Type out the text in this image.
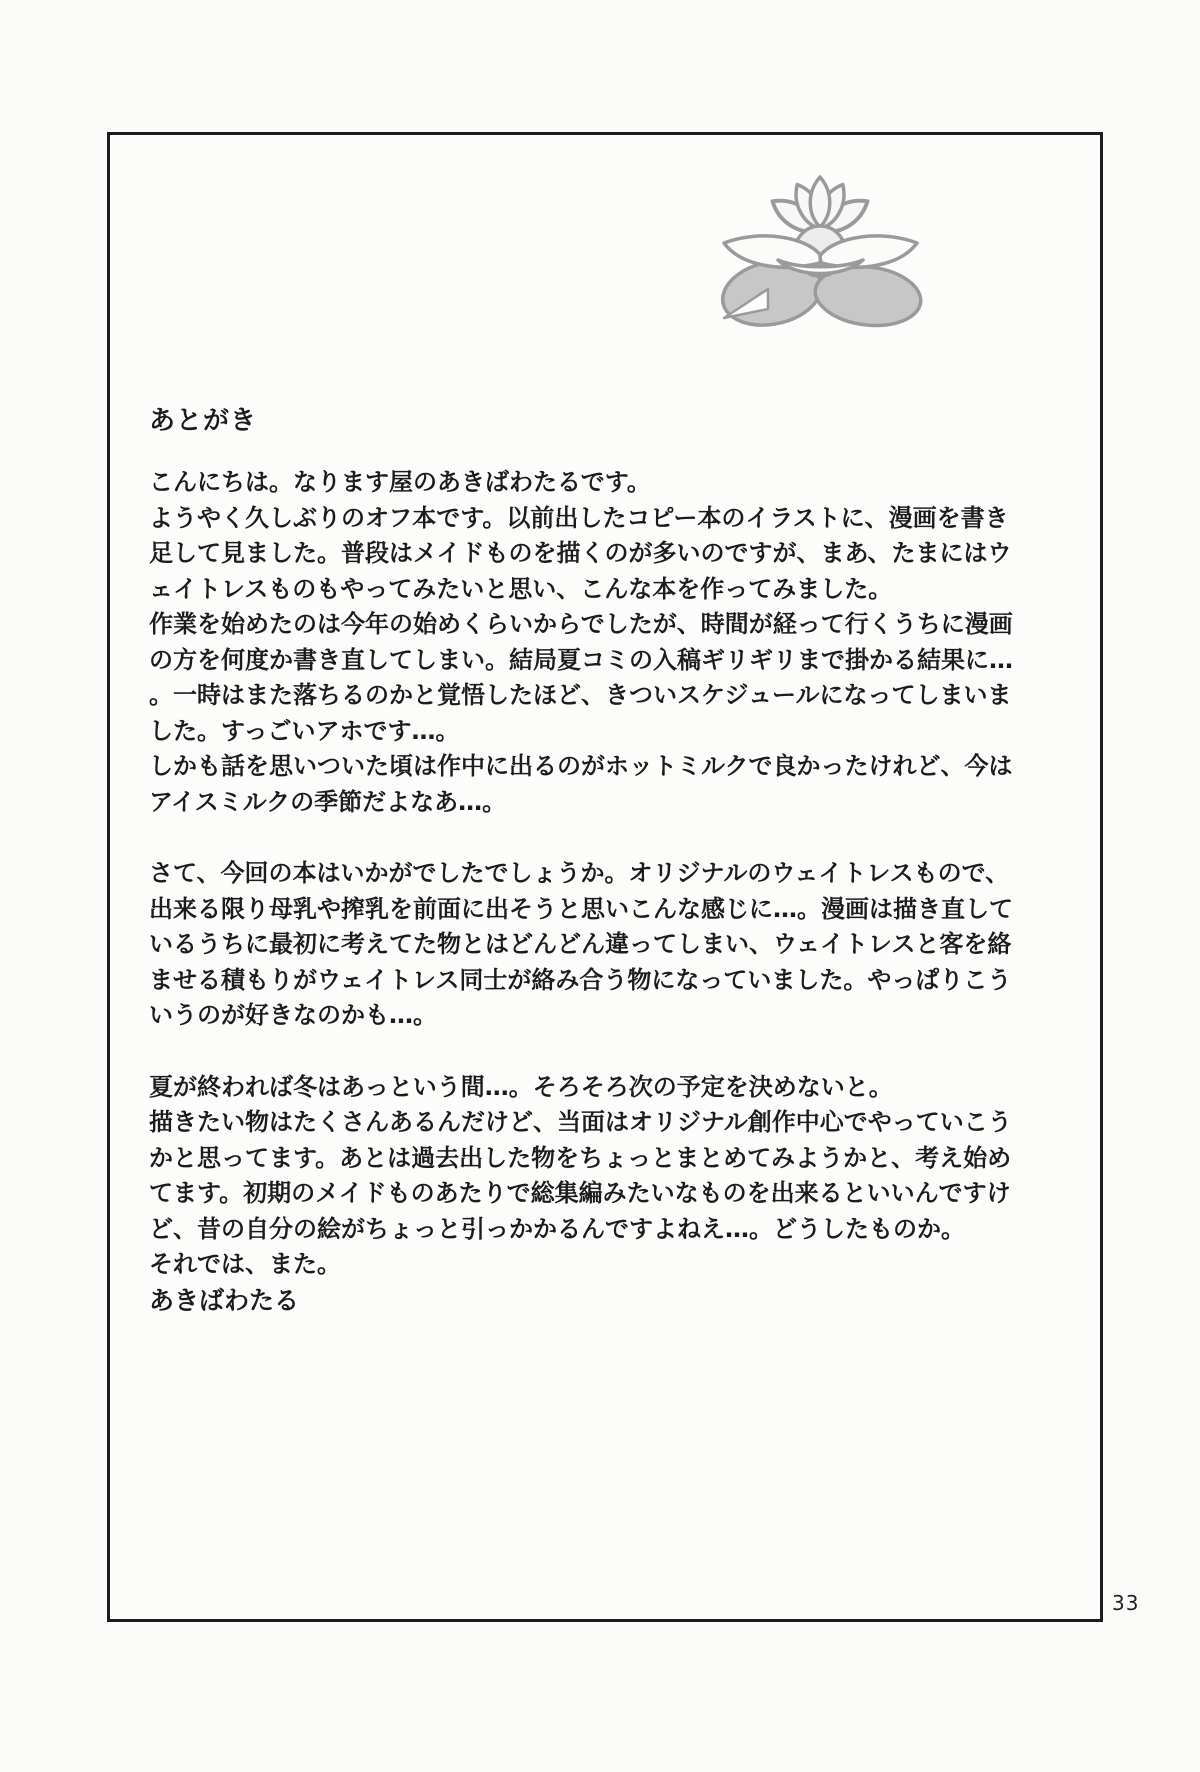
あとがき

こんにちは。なります屋のあきばわたるです。

ようやく久しぶりのオフ本です。以前出したコピー本のイラストに、漫画を書き足して見ました。普段はメイドものを描くのが多いのですが、まあ、たまにはウェイトレスものもやってみたいと思い、こんな本を作ってみました。

作業を始めたのは今年の始めくらいからでしたが、時間が経って行くうちに漫画の方を何度か書き直してしまい。結局夏コミの入稿ギリギリまで掛かる結果に…。一時はまた落ちるのかと覚悟したほど、きついスケジュールになってしまいました。すっごいアホです…。

しかも話を思いついた頃は作中に出るのがホットミルクで良かったけれど、今はアイスミルクの季節だよなあ…。

さて、今回の本はいかがでしたでしょうか。オリジナルのウェイトレスもので、出来る限り母乳や搾乳を前面に出そうと思いこんな感じに…。漫画は描き直しているうちに最初に考えてた物とはどんどん違ってしまい、ウェイトレスと客を絡ませる積もりがウェイトレス同士が絡み合う物になっていました。やっぱりこういうのが好きなのかも…。

夏が終われば冬はあっという間…。そろそろ次の予定を決めないと。

描きたい物はたくさんあるんだけど、当面はオリジナル創作中心でやっていこうかと思ってます。あとは過去出した物をちょっとまとめてみようかと、考え始めてます。初期のメイドものあたりで総集編みたいなものを出来るといいんですけど、昔の自分の絵がちょっと引っかかるんですよねえ…。どうしたものか。

それでは、また。

あきばわたる

33
